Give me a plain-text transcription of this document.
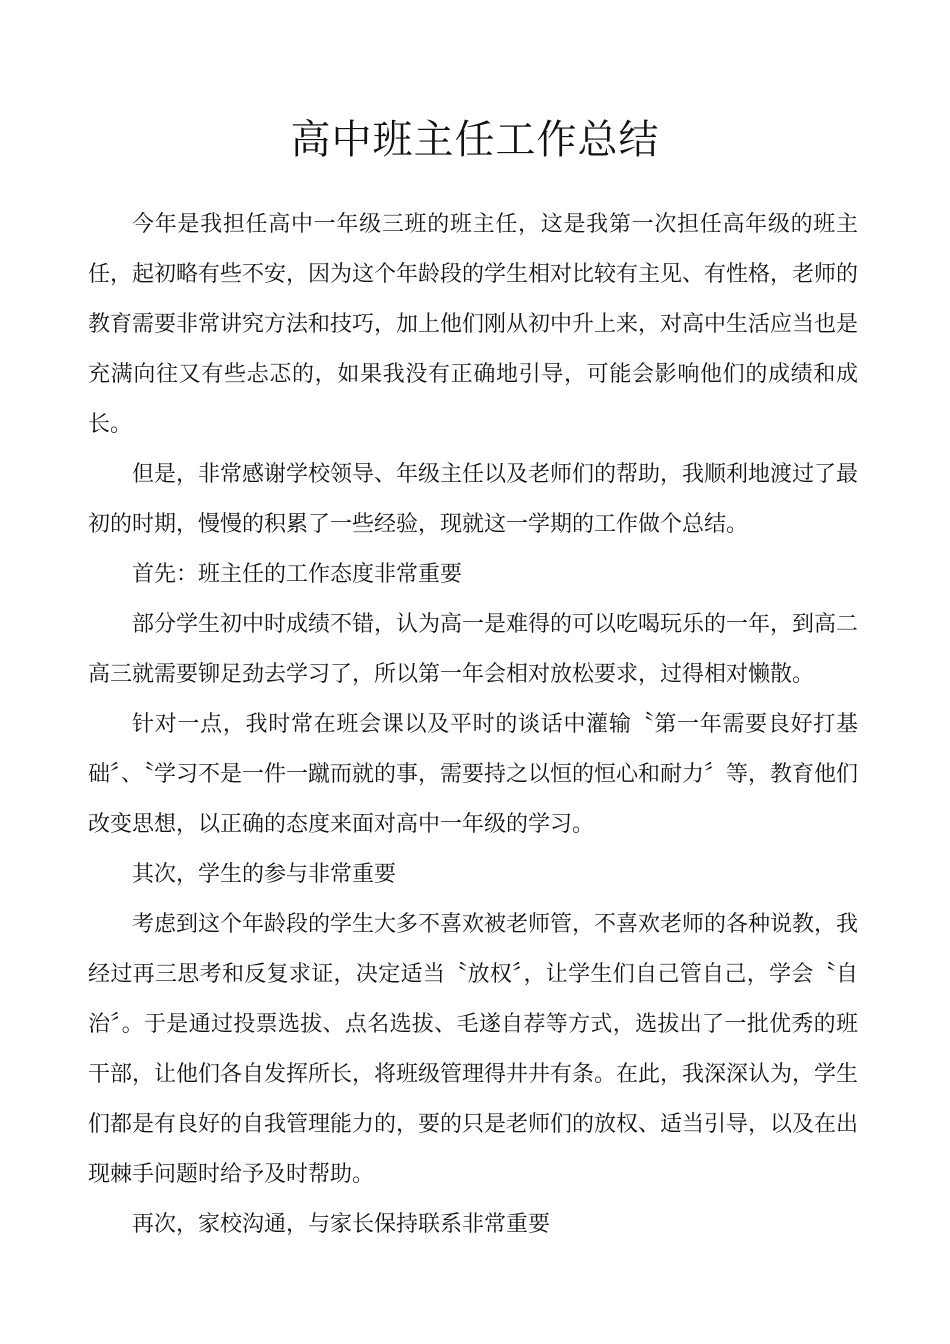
高中班主任工作总结

今年是我担任高中一年级三班的班主任，这是我第一次担任高年级的班主任，起初略有些不安，因为这个年龄段的学生相对比较有主见、有性格，老师的教育需要非常讲究方法和技巧，加上他们刚从初中升上来，对高中生活应当也是充满向往又有些忐忑的，如果我没有正确地引导，可能会影响他们的成绩和成长。

但是，非常感谢学校领导、年级主任以及老师们的帮助，我顺利地渡过了最初的时期，慢慢的积累了一些经验，现就这一学期的工作做个总结。

首先：班主任的工作态度非常重要

部分学生初中时成绩不错，认为高一是难得的可以吃喝玩乐的一年，到高二高三就需要铆足劲去学习了，所以第一年会相对放松要求，过得相对懒散。

针对一点，我时常在班会课以及平时的谈话中灌输〝第一年需要良好打基础〞、〝学习不是一件一蹴而就的事，需要持之以恒的恒心和耐力〞等，教育他们改变思想，以正确的态度来面对高中一年级的学习。

其次，学生的参与非常重要

考虑到这个年龄段的学生大多不喜欢被老师管，不喜欢老师的各种说教，我经过再三思考和反复求证，决定适当〝放权〞，让学生们自己管自己，学会〝自治〞。于是通过投票选拔、点名选拔、毛遂自荐等方式，选拔出了一批优秀的班干部，让他们各自发挥所长，将班级管理得井井有条。在此，我深深认为，学生们都是有良好的自我管理能力的，要的只是老师们的放权、适当引导，以及在出现棘手问题时给予及时帮助。

再次，家校沟通，与家长保持联系非常重要
